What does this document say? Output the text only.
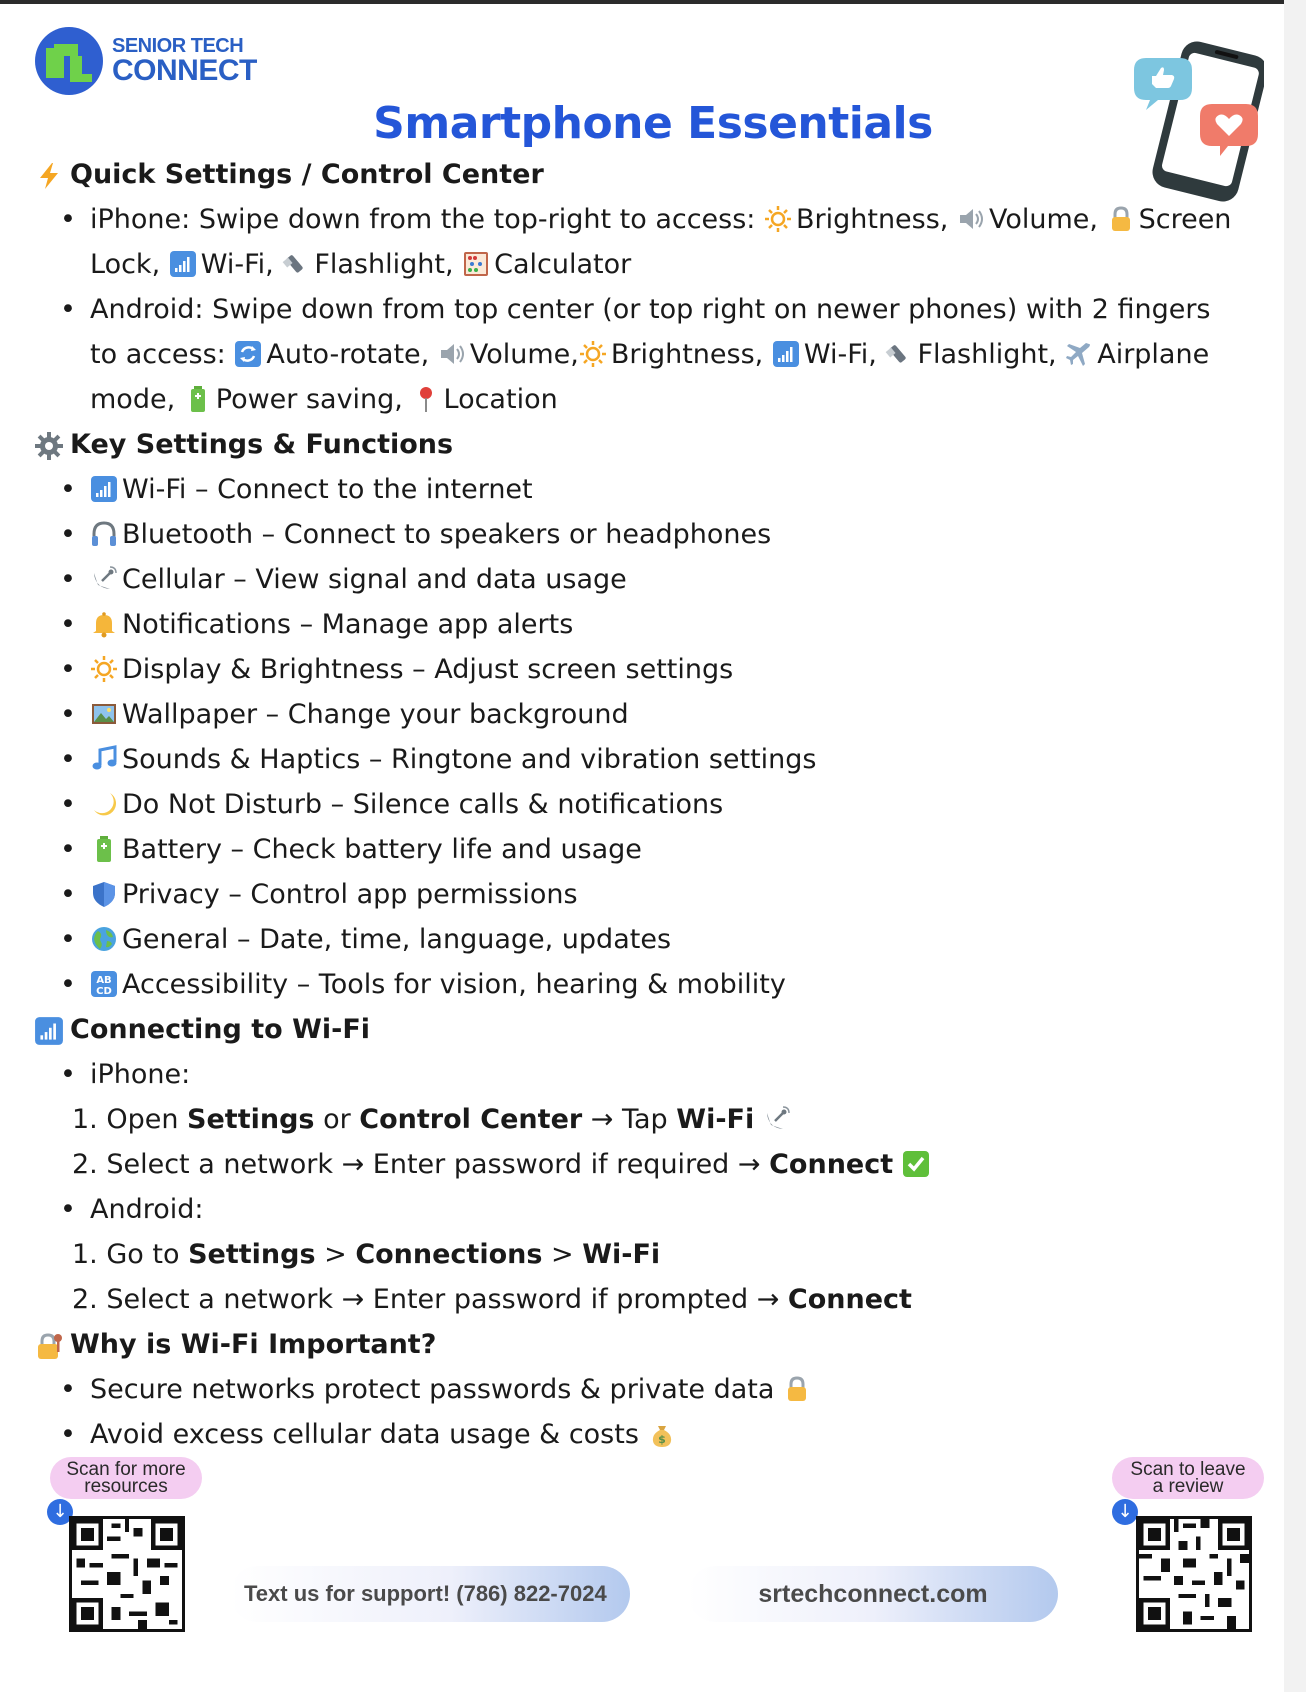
SENIOR TECH
CONNECT
Smartphone Essentials
Quick Settings / Control Center
• iPhone: Swipe down from the top-right to access: Brightness, Volume, Screen Lock, Wi-Fi, Flashlight, Calculator
• Android: Swipe down from top center (or top right on newer phones) with 2 fingers to access: Auto-rotate, Volume, Brightness, Wi-Fi, Flashlight, Airplane mode, Power saving, Location
Key Settings & Functions
• Wi-Fi – Connect to the internet
• Bluetooth – Connect to speakers or headphones
• Cellular – View signal and data usage
• Notifications – Manage app alerts
• Display & Brightness – Adjust screen settings
• Wallpaper – Change your background
• Sounds & Haptics – Ringtone and vibration settings
• Do Not Disturb – Silence calls & notifications
• Battery – Check battery life and usage
• Privacy – Control app permissions
• General – Date, time, language, updates
• AB
CD Accessibility – Tools for vision, hearing & mobility
Connecting to Wi-Fi
• iPhone:
1. Open Settings or Control Center → Tap Wi-Fi
2. Select a network → Enter password if required → Connect
• Android:
1. Go to Settings > Connections > Wi-Fi
2. Select a network → Enter password if prompted → Connect
Why is Wi-Fi Important?
• Secure networks protect passwords & private data
• Avoid excess cellular data usage & costs $
Scan for more resources
↓
Text us for support! (786) 822-7024	srtechconnect.com
Scan to leave a review
↓
